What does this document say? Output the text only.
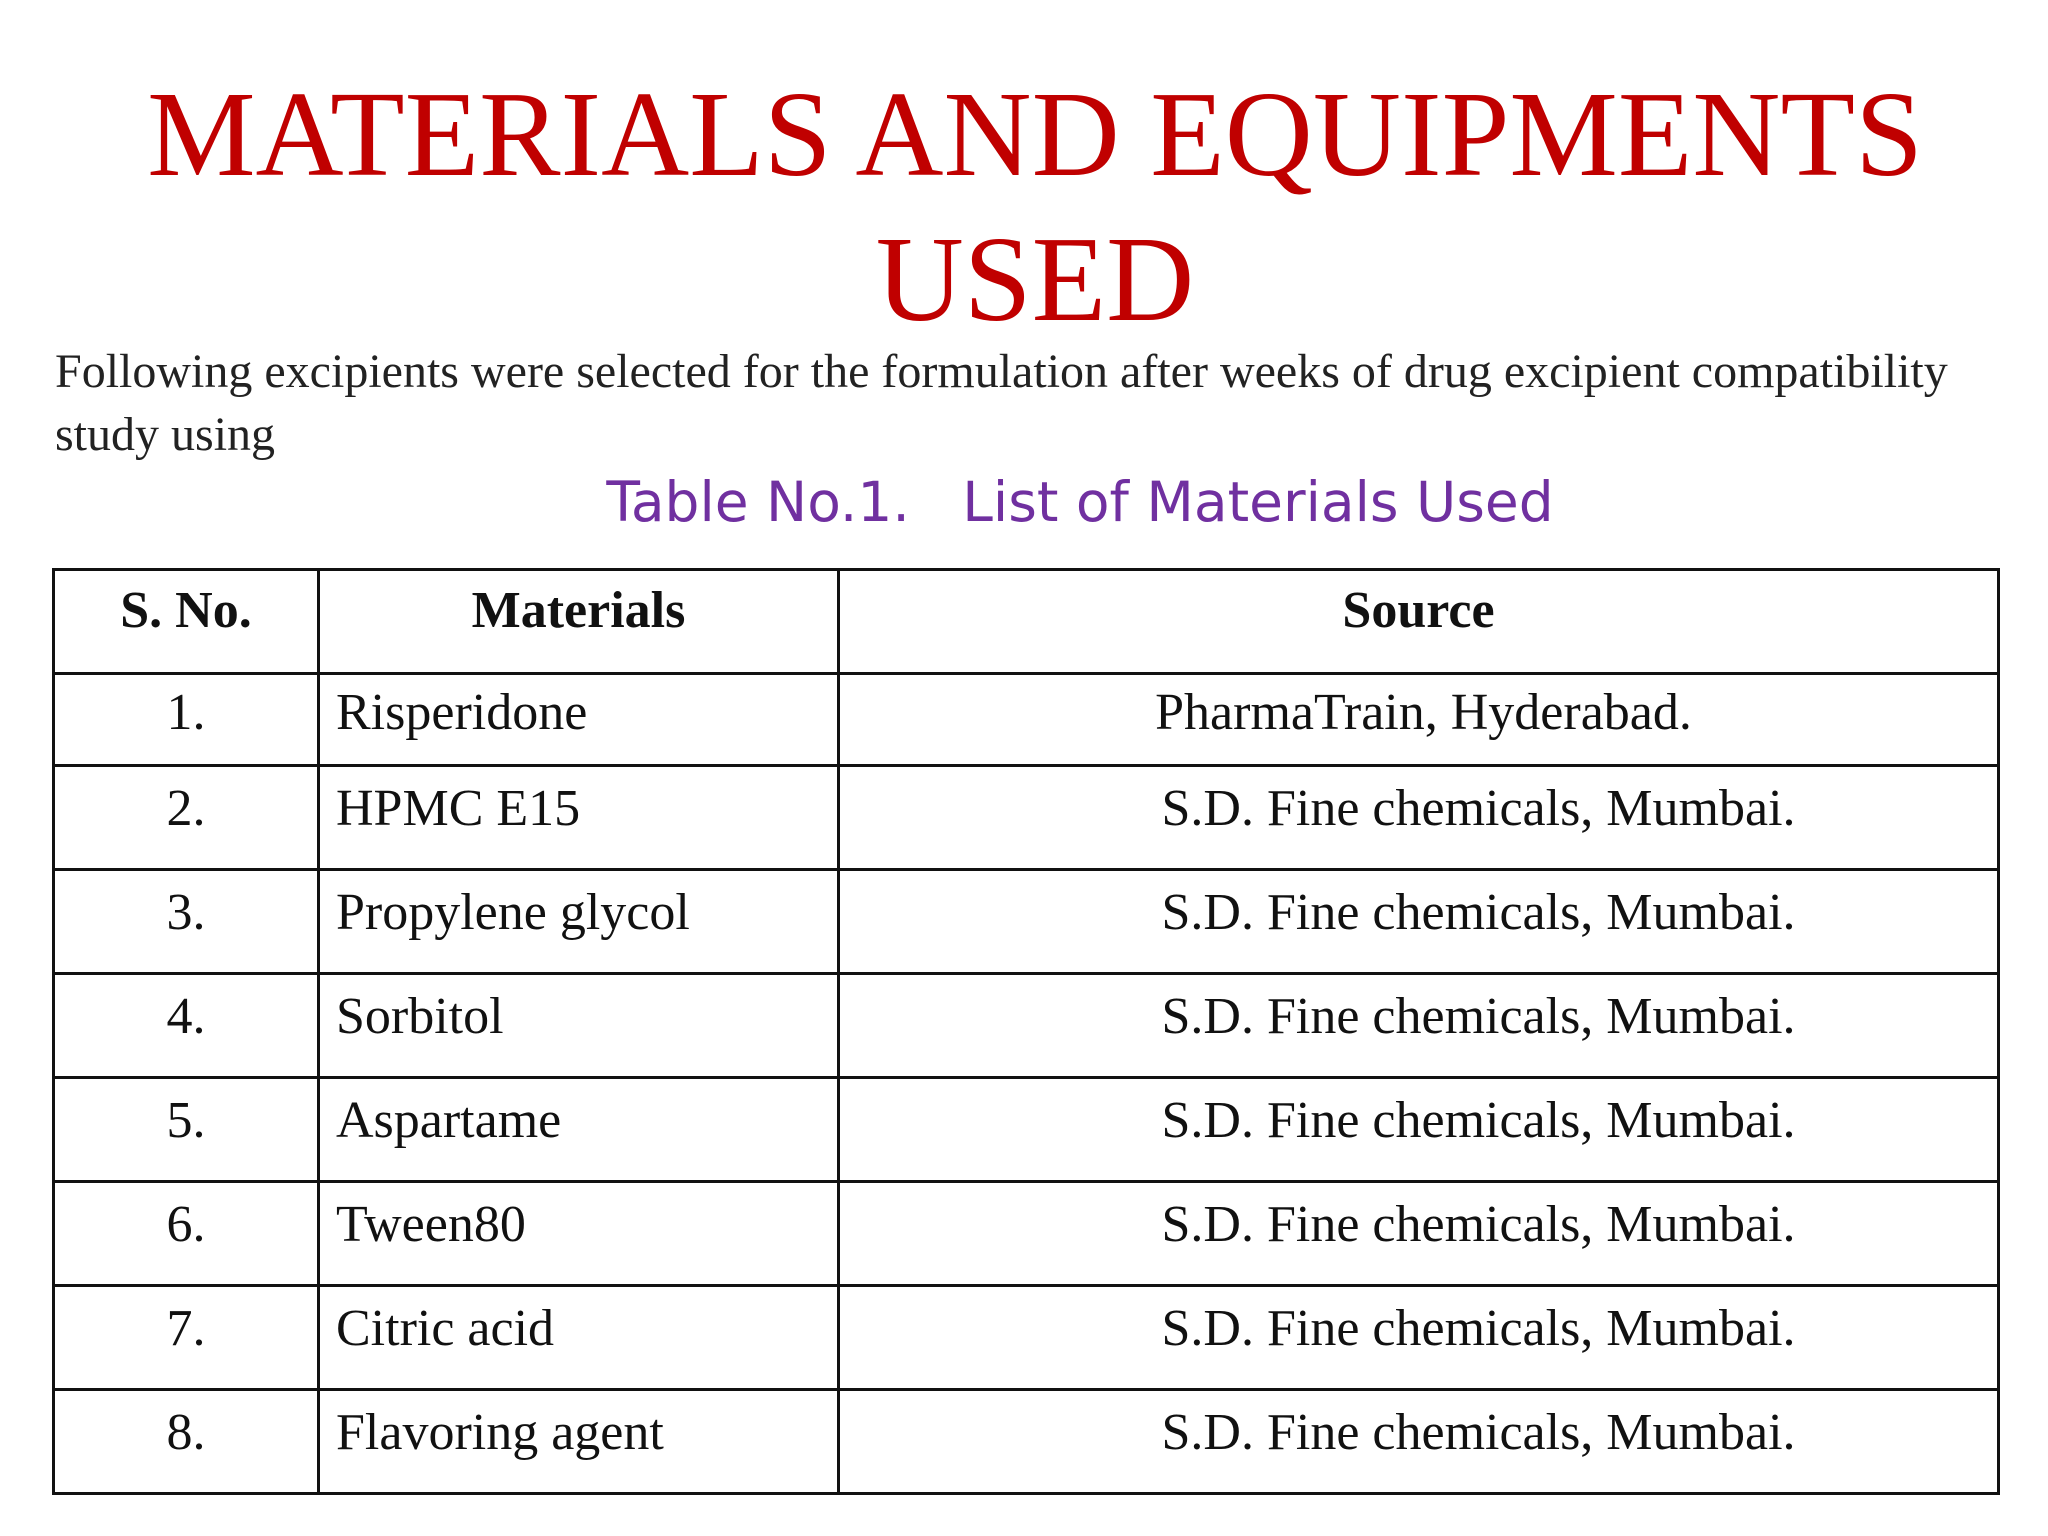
MATERIALS AND EQUIPMENTS
USED

Following excipients were selected for the formulation after weeks of drug excipient compatibility study using

Table No.1.   List of Materials Used

S. No.	Materials	Source
1.	Risperidone	PharmaTrain, Hyderabad.
2.	HPMC E15	S.D. Fine chemicals, Mumbai.
3.	Propylene glycol	S.D. Fine chemicals, Mumbai.
4.	Sorbitol	S.D. Fine chemicals, Mumbai.
5.	Aspartame	S.D. Fine chemicals, Mumbai.
6.	Tween80	S.D. Fine chemicals, Mumbai.
7.	Citric acid	S.D. Fine chemicals, Mumbai.
8.	Flavoring agent	S.D. Fine chemicals, Mumbai.
